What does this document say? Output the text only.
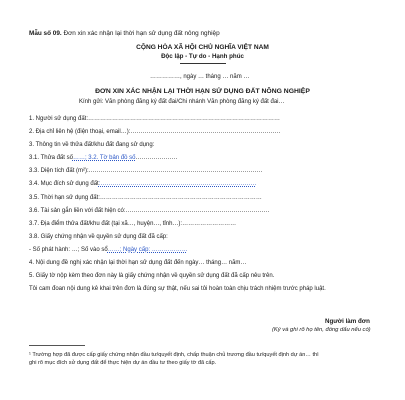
Mẫu số 09. Đơn xin xác nhận lại thời hạn sử dụng đất nông nghiệp
CỘNG HÒA XÃ HỘI CHỦ NGHĨA VIỆT NAM
Độc lập - Tự do - Hạnh phúc
……………, ngày … tháng … năm …
ĐƠN XIN XÁC NHẬN LẠI THỜI HẠN SỬ DỤNG ĐẤT NÔNG NGHIỆP
Kính gửi: Văn phòng đăng ký đất đai/Chi nhánh Văn phòng đăng ký đất đai…
1. Người sử dụng đất:……………………………………………………………………………………
2. Địa chỉ liên hệ (điện thoại, email…):…………………………………………………………………
3. Thông tin về thửa đất/khu đất đang sử dụng:
3.1. Thửa đất số……; 3.2. Tờ bản đồ số…………………
3.3. Diện tích đất (m²):……………………………………………………………………………
3.4. Mục đích sử dụng đất:……………………………………………………………………
3.5. Thời hạn sử dụng đất:………………………………………………………………………
3.6. Tài sản gắn liền với đất hiện có:………………………………………………………………
3.7. Địa điểm thửa đất/khu đất (tại xã…, huyện…, tỉnh…):………………………
3.8. Giấy chứng nhận về quyền sử dụng đất đã cấp:
- Số phát hành: …; Số vào sổ……; Ngày cấp: ………………
4. Nội dung đề nghị xác nhận lại thời hạn sử dụng đất đến ngày… tháng… năm…
5. Giấy tờ nộp kèm theo đơn này là giấy chứng nhận về quyền sử dụng đất đã cấp nêu trên.
Tôi cam đoan nội dung kê khai trên đơn là đúng sự thật, nếu sai tôi hoàn toàn chịu trách nhiệm trước pháp luật.
Người làm đơn
(Ký và ghi rõ họ tên, đóng dấu nếu có)
¹ Trường hợp đã được cấp giấy chứng nhận đầu tư/quyết định, chấp thuận chủ trương đầu tư/quyết định dự án… thì
ghi rõ mục đích sử dụng đất để thực hiện dự án đầu tư theo giấy tờ đã cấp.
